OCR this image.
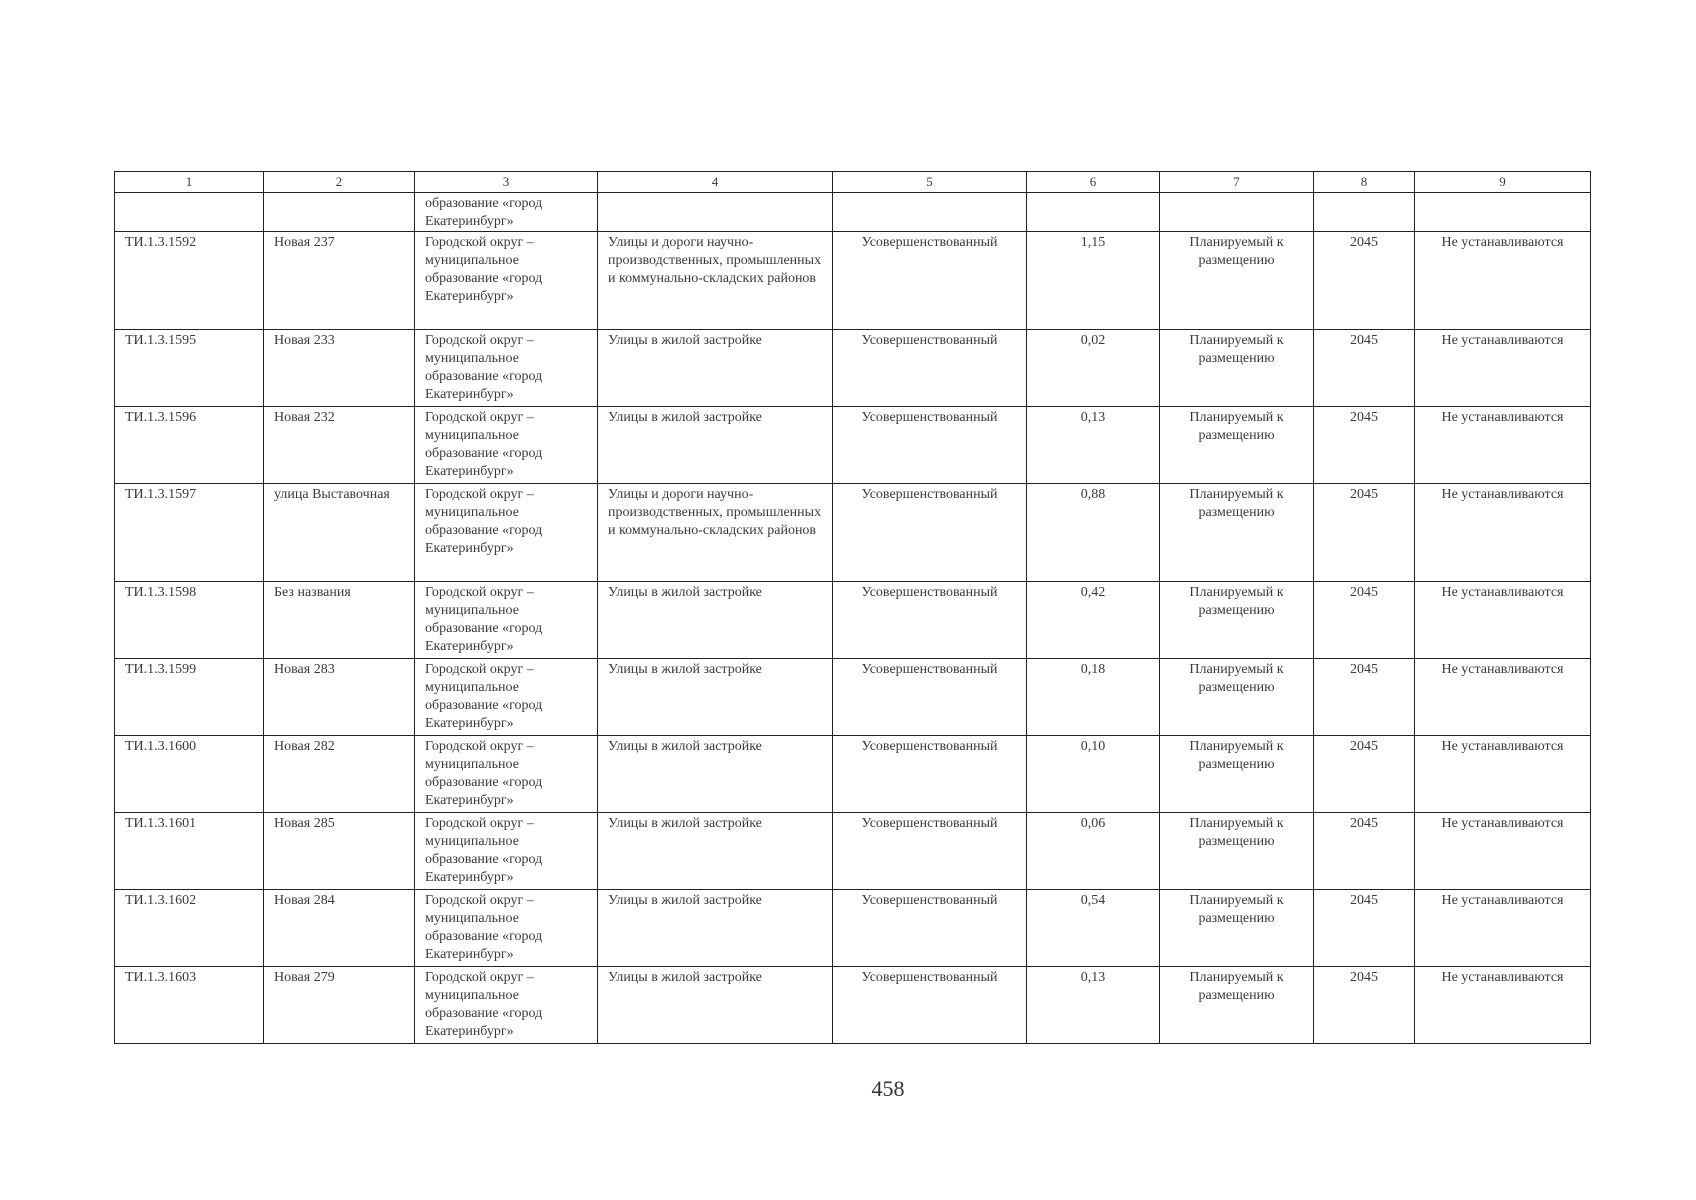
1	2	3	4	5	6	7	8	9
		образование «город Екатеринбург»						
ТИ.1.3.1592	Новая 237	Городской округ – муниципальное образование «город Екатеринбург»	Улицы и дороги научно-производственных, промышленных и коммунально-складских районов	Усовершенствованный	1,15	Планируемый к размещению	2045	Не устанавливаются
ТИ.1.3.1595	Новая 233	Городской округ – муниципальное образование «город Екатеринбург»	Улицы в жилой застройке	Усовершенствованный	0,02	Планируемый к размещению	2045	Не устанавливаются
ТИ.1.3.1596	Новая 232	Городской округ – муниципальное образование «город Екатеринбург»	Улицы в жилой застройке	Усовершенствованный	0,13	Планируемый к размещению	2045	Не устанавливаются
ТИ.1.3.1597	улица Выставочная	Городской округ – муниципальное образование «город Екатеринбург»	Улицы и дороги научно-производственных, промышленных и коммунально-складских районов	Усовершенствованный	0,88	Планируемый к размещению	2045	Не устанавливаются
ТИ.1.3.1598	Без названия	Городской округ – муниципальное образование «город Екатеринбург»	Улицы в жилой застройке	Усовершенствованный	0,42	Планируемый к размещению	2045	Не устанавливаются
ТИ.1.3.1599	Новая 283	Городской округ – муниципальное образование «город Екатеринбург»	Улицы в жилой застройке	Усовершенствованный	0,18	Планируемый к размещению	2045	Не устанавливаются
ТИ.1.3.1600	Новая 282	Городской округ – муниципальное образование «город Екатеринбург»	Улицы в жилой застройке	Усовершенствованный	0,10	Планируемый к размещению	2045	Не устанавливаются
ТИ.1.3.1601	Новая 285	Городской округ – муниципальное образование «город Екатеринбург»	Улицы в жилой застройке	Усовершенствованный	0,06	Планируемый к размещению	2045	Не устанавливаются
ТИ.1.3.1602	Новая 284	Городской округ – муниципальное образование «город Екатеринбург»	Улицы в жилой застройке	Усовершенствованный	0,54	Планируемый к размещению	2045	Не устанавливаются
ТИ.1.3.1603	Новая 279	Городской округ – муниципальное образование «город Екатеринбург»	Улицы в жилой застройке	Усовершенствованный	0,13	Планируемый к размещению	2045	Не устанавливаются
458
